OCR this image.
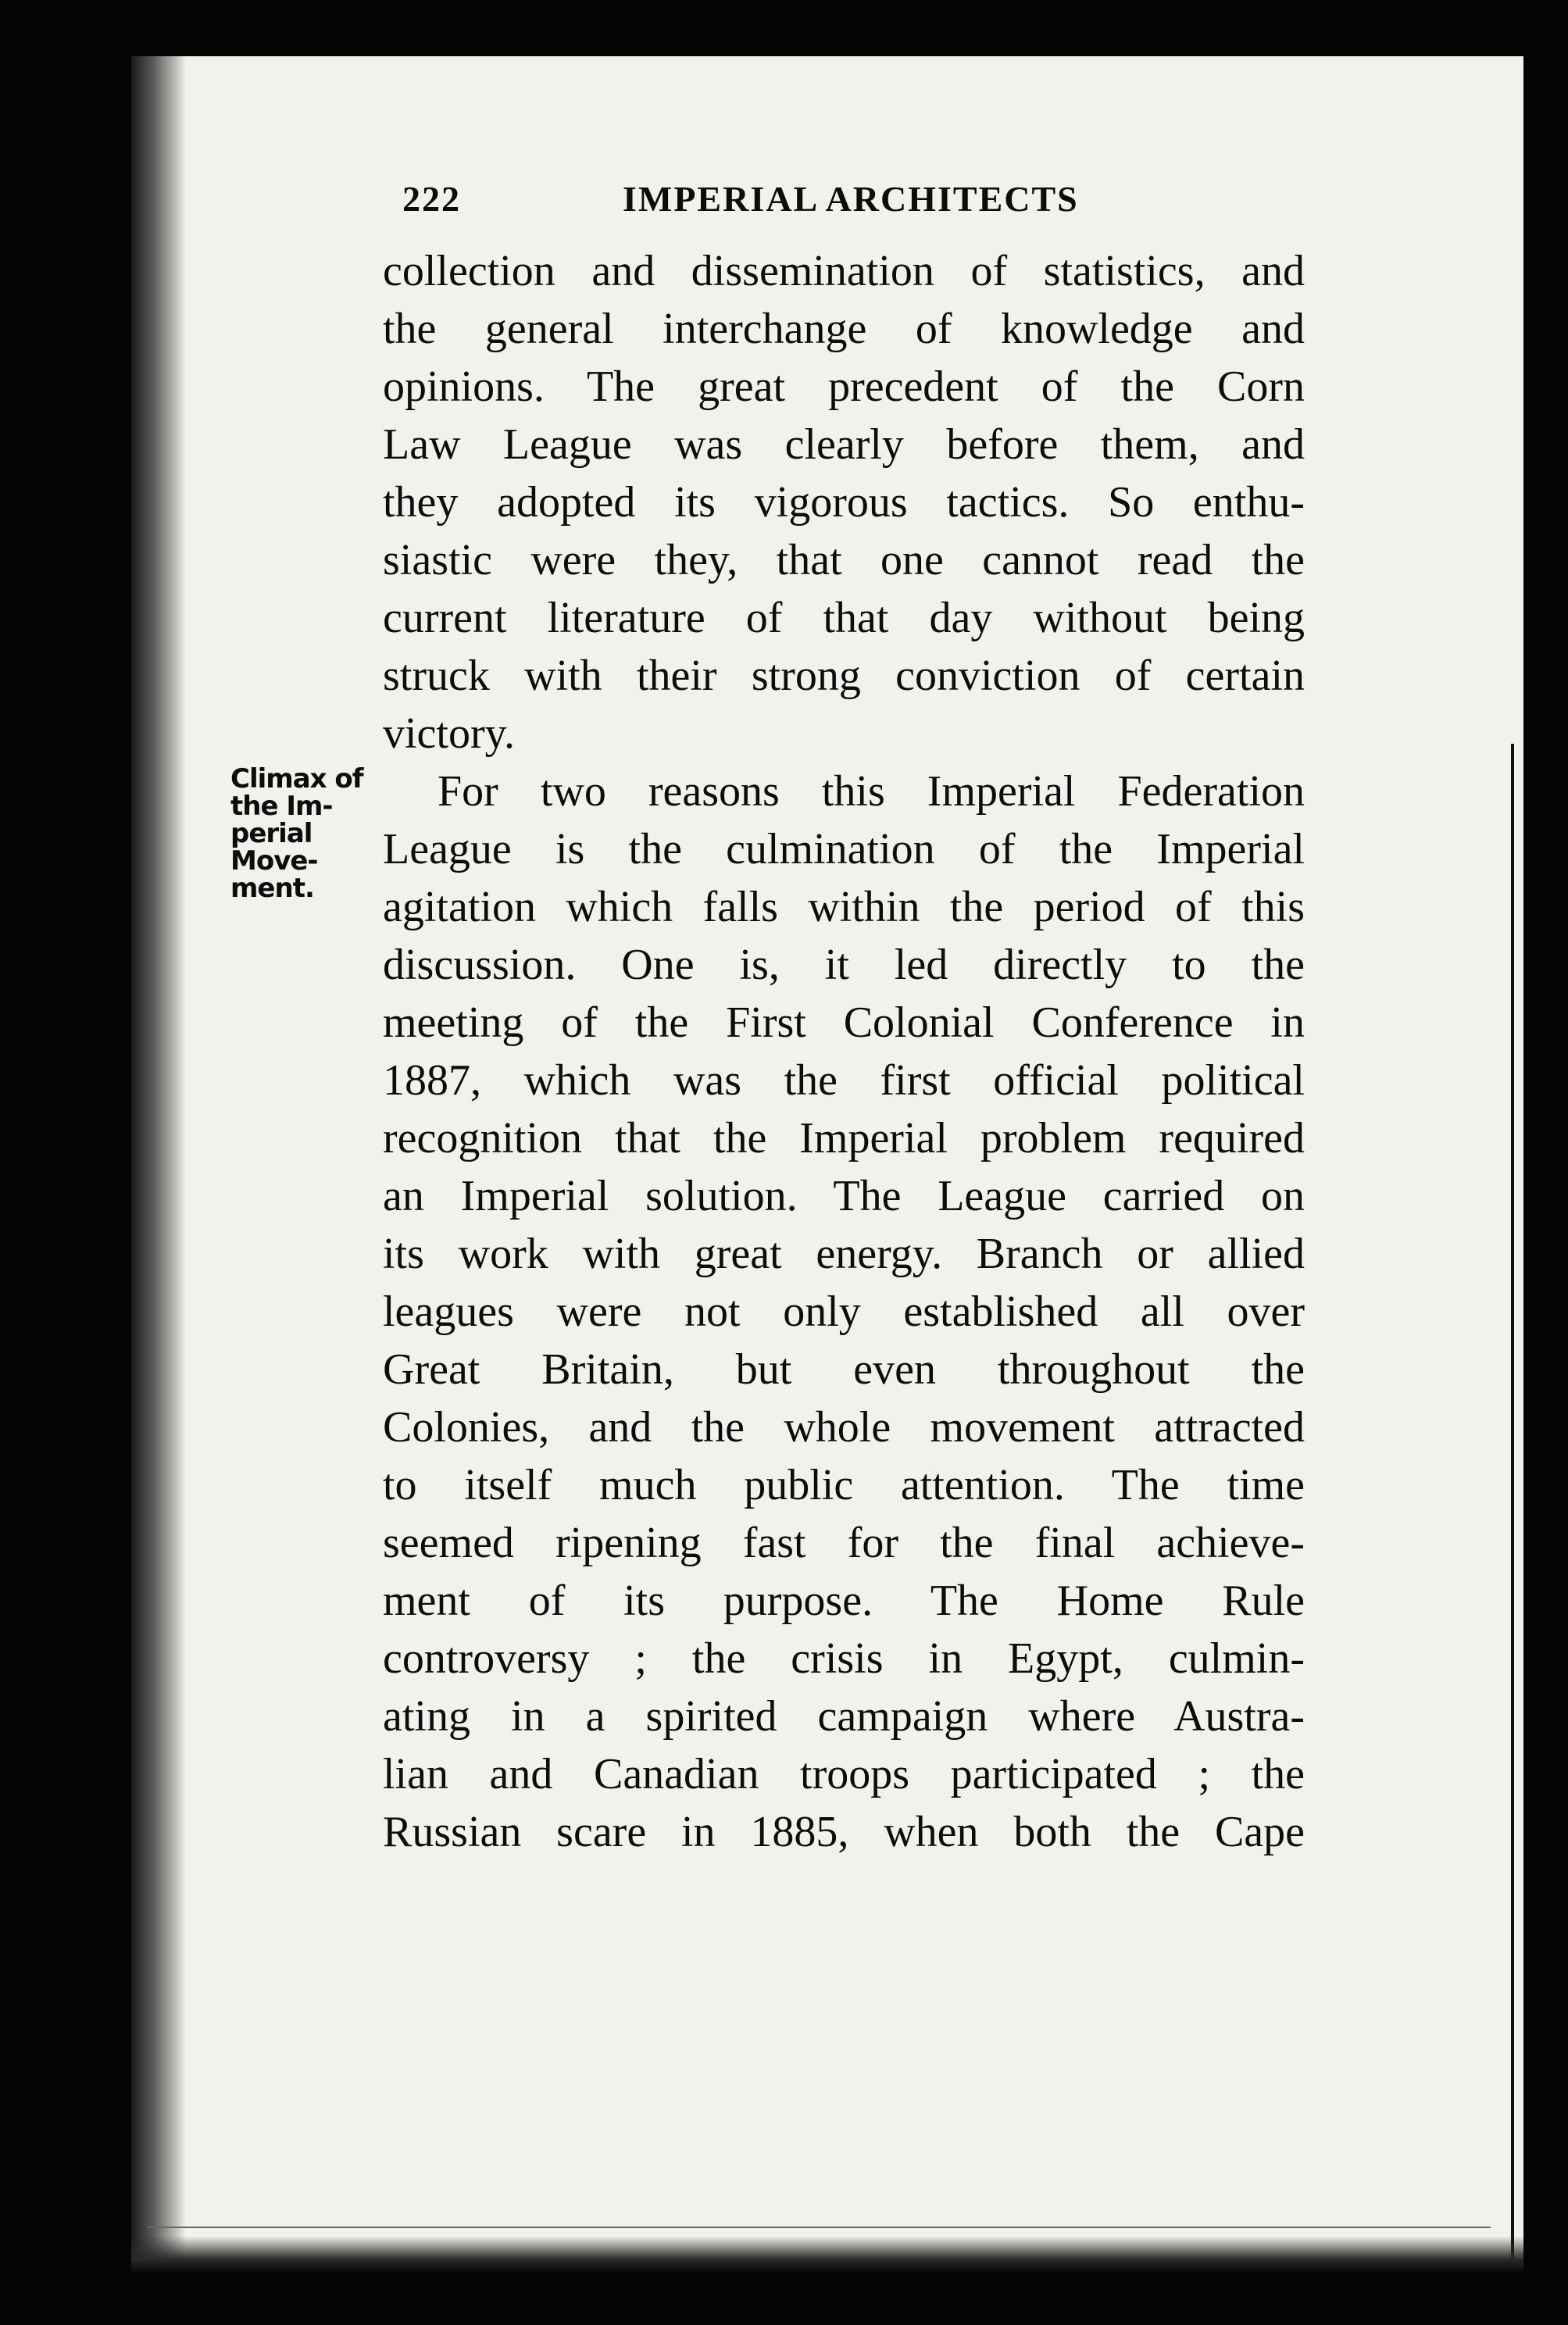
222	IMPERIAL ARCHITECTS
Climax of
the Im-
perial
Move-
ment.
collection and dissemination of statistics, and
the general interchange of knowledge and
opinions. The great precedent of the Corn
Law League was clearly before them, and
they adopted its vigorous tactics. So enthu-
siastic were they, that one cannot read the
current literature of that day without being
struck with their strong conviction of certain
victory.
For two reasons this Imperial Federation
League is the culmination of the Imperial
agitation which falls within the period of this
discussion. One is, it led directly to the
meeting of the First Colonial Conference in
1887, which was the first official political
recognition that the Imperial problem required
an Imperial solution. The League carried on
its work with great energy. Branch or allied
leagues were not only established all over
Great Britain, but even throughout the
Colonies, and the whole movement attracted
to itself much public attention. The time
seemed ripening fast for the final achieve-
ment of its purpose. The Home Rule
controversy ; the crisis in Egypt, culmin-
ating in a spirited campaign where Austra-
lian and Canadian troops participated ; the
Russian scare in 1885, when both the Cape
